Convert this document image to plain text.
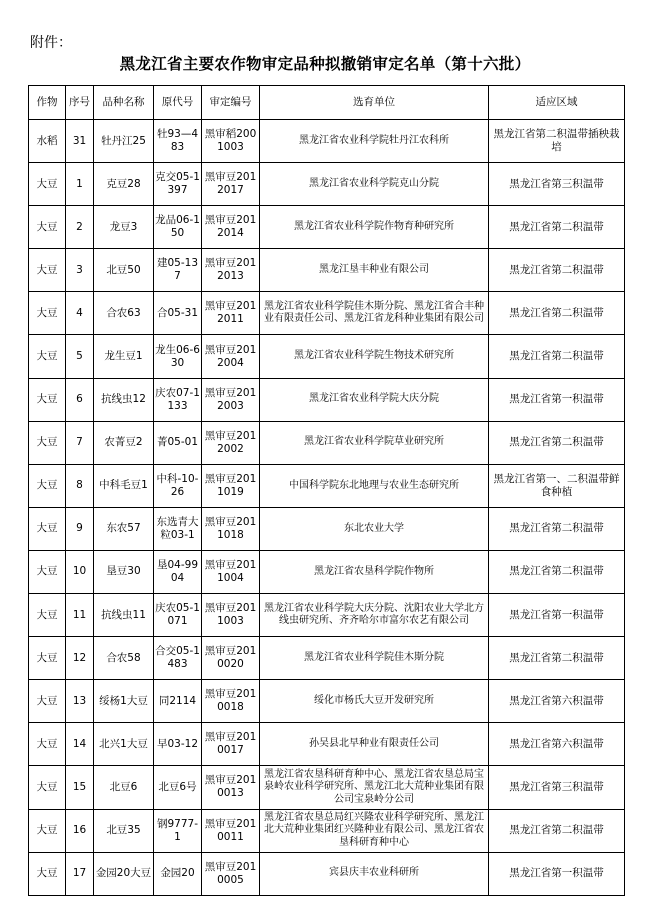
附件：
黑龙江省主要农作物审定品种拟撤销审定名单（第十六批）
作物	序号	品种名称	原代号	审定编号	选育单位	适应区域
水稻	31	牡丹江25	牡93—483	黑审稻2001003	黑龙江省农业科学院牡丹江农科所	黑龙江省第二积温带插秧栽培
大豆	1	克豆28	克交05-1397	黑审豆2012017	黑龙江省农业科学院克山分院	黑龙江省第三积温带
大豆	2	龙豆3	龙品06-150	黑审豆2012014	黑龙江省农业科学院作物育种研究所	黑龙江省第二积温带
大豆	3	北豆50	建05-137	黑审豆2012013	黑龙江垦丰种业有限公司	黑龙江省第二积温带
大豆	4	合农63	合05-31	黑审豆2012011	黑龙江省农业科学院佳木斯分院、黑龙江省合丰种业有限责任公司、黑龙江省龙科种业集团有限公司	黑龙江省第二积温带
大豆	5	龙生豆1	龙生06-630	黑审豆2012004	黑龙江省农业科学院生物技术研究所	黑龙江省第二积温带
大豆	6	抗线虫12	庆农07-1133	黑审豆2012003	黑龙江省农业科学院大庆分院	黑龙江省第一积温带
大豆	7	农菁豆2	菁05-01	黑审豆2012002	黑龙江省农业科学院草业研究所	黑龙江省第二积温带
大豆	8	中科毛豆1	中科-10-26	黑审豆2011019	中国科学院东北地理与农业生态研究所	黑龙江省第一、二积温带鲜食种植
大豆	9	东农57	东选青大粒03-1	黑审豆2011018	东北农业大学	黑龙江省第二积温带
大豆	10	垦豆30	垦04-9904	黑审豆2011004	黑龙江省农垦科学院作物所	黑龙江省第二积温带
大豆	11	抗线虫11	庆农05-1071	黑审豆2011003	黑龙江省农业科学院大庆分院、沈阳农业大学北方线虫研究所、齐齐哈尔市富尔农艺有限公司	黑龙江省第一积温带
大豆	12	合农58	合交05-1483	黑审豆2010020	黑龙江省农业科学院佳木斯分院	黑龙江省第二积温带
大豆	13	绥杨1大豆	同2114	黑审豆2010018	绥化市杨氏大豆开发研究所	黑龙江省第六积温带
大豆	14	北兴1大豆	早03-12	黑审豆2010017	孙吴县北早种业有限责任公司	黑龙江省第六积温带
大豆	15	北豆6	北豆6号	黑审豆2010013	黑龙江省农垦科研育种中心、黑龙江省农垦总局宝泉岭农业科学研究所、黑龙江北大荒种业集团有限公司宝泉岭分公司	黑龙江省第三积温带
大豆	16	北豆35	钢9777-1	黑审豆2010011	黑龙江省农垦总局红兴隆农业科学研究所、黑龙江北大荒种业集团红兴隆种业有限公司、黑龙江省农垦科研育种中心	黑龙江省第二积温带
大豆	17	金园20大豆	金园20	黑审豆2010005	宾县庆丰农业科研所	黑龙江省第一积温带
